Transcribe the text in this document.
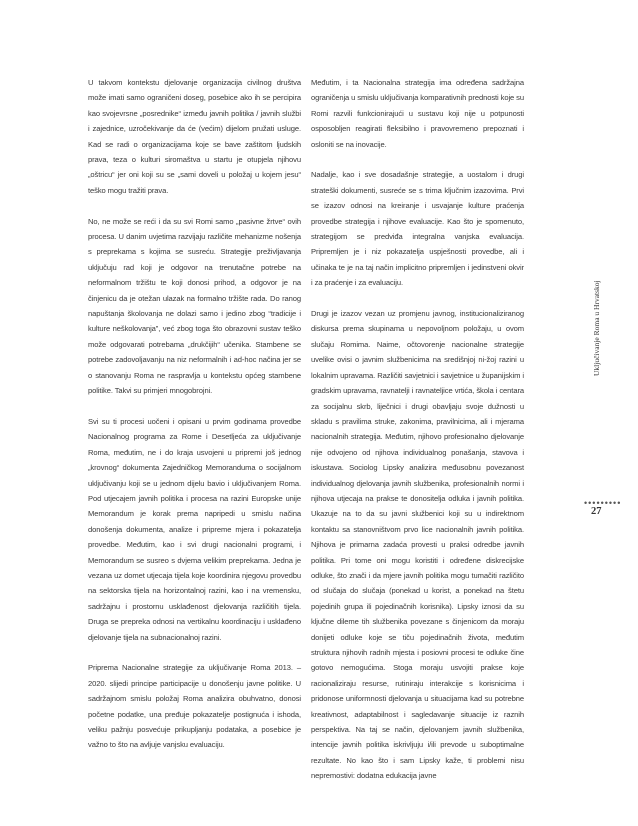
U takvom kontekstu djelovanje organizacija civilnog društva može imati samo ograničeni doseg, posebice ako ih se percipira kao svojevrsne „posrednike“ između javnih politika / javnih službi i zajednice, uzročekivanje da će (većim) dijelom pružati usluge. Kad se radi o organizacijama koje se bave zaštitom ljudskih prava, teza o kulturi siromaštva u startu je otupjela njihovu „oštricu“ jer oni koji su se „sami doveli u položaj u kojem jesu“ teško mogu tražiti prava.

No, ne može se reći i da su svi Romi samo „pasivne žrtve“ ovih procesa. U danim uvjetima razvijaju različite mehanizme nošenja s preprekama s kojima se susreću. Strategije preživljavanja uključuju rad koji je odgovor na trenutačne potrebe na neformalnom tržištu te koji donosi prihod, a odgovor je na činjenicu da je otežan ulazak na formalno tržište rada. Do ranog napuštanja školovanja ne dolazi samo i jedino zbog “tradicije i kulture neškolovanja”, već zbog toga što obrazovni sustav teško može odgovarati potrebama „drukčijih“ učenika. Stambene se potrebe zadovoljavanju na niz neformalnih i ad-hoc načina jer se o stanovanju Roma ne raspravlja u kontekstu općeg stambene politike. Takvi su primjeri mnogobrojni.

Svi su ti procesi uočeni i opisani u prvim godinama provedbe Nacionalnog programa za Rome i Desetljeća za uključivanje Roma, međutim, ne i do kraja usvojeni u pripremi još jednog „krovnog“ dokumenta Zajedničkog Memoranduma o socijalnom uključivanju koji se u jednom dijelu bavio i uključivanjem Roma. Pod utjecajem javnih politika i procesa na razini Europske unije Memorandum je korak prema napripedi u smislu načina donošenja dokumenta, analize i pripreme mjera i pokazatelja provedbe. Međutim, kao i svi drugi nacionalni programi, i Memorandum se susreo s dvjema velikim preprekama. Jedna je vezana uz domet utjecaja tijela koje koordinira njegovu provedbu na sektorska tijela na horizontalnoj razini, kao i na vremensku, sadržajnu i prostornu usklađenost djelovanja različitih tijela. Druga se prepreka odnosi na vertikalnu koordinaciju i usklađeno djelovanje tijela na subnacionalnoj razini.

Priprema Nacionalne strategije za uključivanje Roma 2013. – 2020. slijedi principe participacije u donošenju javne politike. U sadržajnom smislu položaj Roma analizira obuhvatno, donosi početne podatke, una pređuje pokazatelje postignuća i ishoda, veliku pažnju posvećuje prikupljanju podataka, a posebice je važno to što na avljuje vanjsku evaluaciju.

Međutim, i ta Nacionalna strategija ima određena sadržajna ograničenja u smislu uključivanja komparativnih prednosti koje su Romi razvili funkcionirajući u sustavu koji nije u potpunosti osposobljen reagirati fleksibilno i pravovremeno prepoznati i osloniti se na inovacije.

Nadalje, kao i sve dosadašnje strategije, a uostalom i drugi strateški dokumenti, susreće se s trima ključnim izazovima. Prvi se izazov odnosi na kreiranje i usvajanje kulture praćenja provedbe strategija i njihove evaluacije. Kao što je spomenuto, strategijom se predviđa integralna vanjska evaluacija. Pripremljen je i niz pokazatelja uspješnosti provedbe, ali i učinaka te je na taj način implicitno pripremljen i jedinstveni okvir i za praćenje i za evaluaciju.

Drugi je izazov vezan uz promjenu javnog, institucionaliziranog diskursa prema skupinama u nepovoljnom položaju, u ovom slučaju Romima. Naime, očtovorenje nacionalne strategije uvelike ovisi o javnim službenicima na središnjoj ni-žoj razini u lokalnim upravama. Različiti savjetnici i savjetnice u županijskim i gradskim upravama, ravnatelji i ravnateljice vrtića, škola i centara za socijalnu skrb, liječnici i drugi obavljaju svoje dužnosti u skladu s pravilima struke, zakonima, pravilnicima, ali i mjerama nacionalnih strategija. Međutim, njihovo profesionalno djelovanje nije odvojeno od njihova individualnog ponašanja, stavova i iskustava. Sociolog Lipsky analizira međusobnu povezanost individualnog djelovanja javnih službenika, profesionalnih normi i njihova utjecaja na prakse te donositelja odluka i javnih politika. Ukazuje na to da su javni službenici koji su u indirektnom kontaktu sa stanovništvom prvo lice nacionalnih javnih politika. Njihova je primarna zadaća provesti u praksi odredbe javnih politika. Pri tome oni mogu koristiti i određene diskrecijske odluke, što znači i da mjere javnih politika mogu tumačiti različito od slučaja do slučaja (ponekad u korist, a ponekad na štetu pojedinih grupa ili pojedinačnih korisnika). Lipsky iznosi da su ključne dileme tih službenika povezane s činjenicom da moraju donijeti odluke koje se tiču pojedinačnih života, međutim struktura njihovih radnih mjesta i posiovni procesi te odluke čine gotovo nemogućima. Stoga moraju usvojiti prakse koje racionaliziraju resurse, rutiniraju interakcije s korisnicima i pridonose uniformnosti djelovanja u situacijama kad su potrebne kreativnost, adaptabilnost i sagledavanje situacije iz raznih perspektiva. Na taj se način, djelovanjem javnih službenika, intencije javnih politika iskrivljuju i/ili prevode u suboptimalne rezultate. No kao što i sam Lipsky kaže, ti problemi nisu nepremostivi: dodatna edukacija javne

Uključivanje Roma u Hrvatskoj
•••••••••
27
